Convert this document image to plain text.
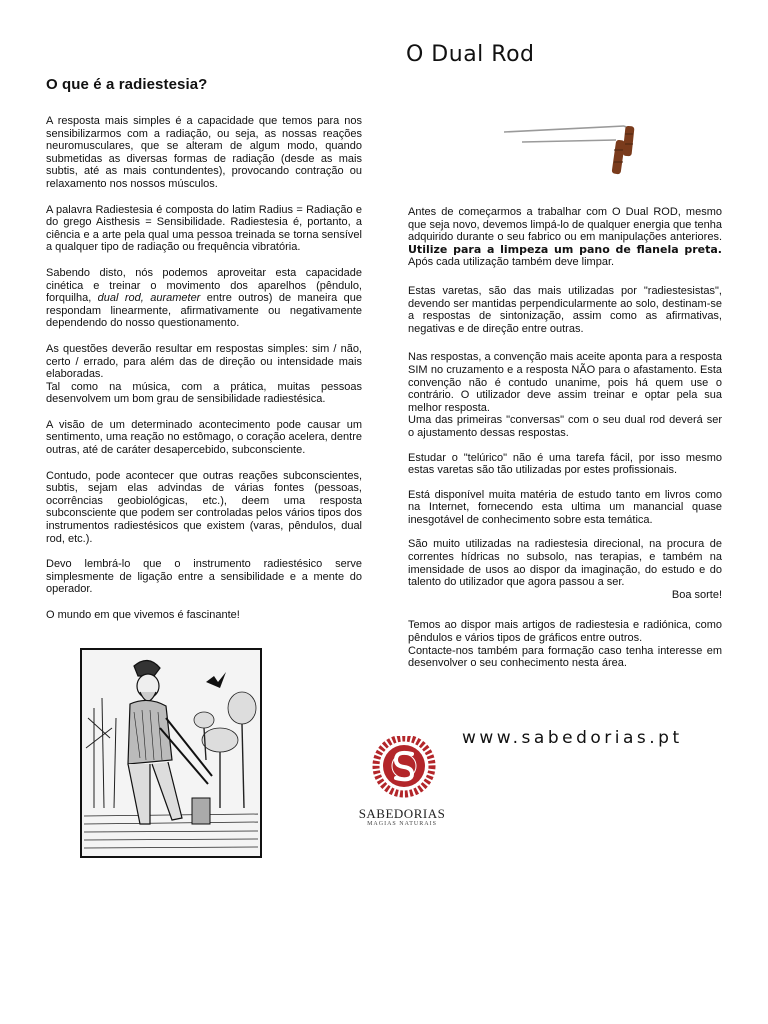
O Dual Rod
O que é a radiestesia?

A resposta mais simples é a capacidade que temos para nos sensibilizarmos com a radiação, ou seja, as nossas reações neuromusculares, que se alteram de algum modo, quando submetidas as diversas formas de radiação (desde as mais subtis, até as mais contundentes), provocando contração ou relaxamento nos nossos músculos.

A palavra Radiestesia é composta do latim Radius = Radiação e do grego Aisthesis = Sensibilidade. Radiestesia é, portanto, a ciência e a arte pela qual uma pessoa treinada se torna sensível a qualquer tipo de radiação ou frequência vibratória.

Sabendo disto, nós podemos aproveitar esta capacidade cinética e treinar o movimento dos aparelhos (pêndulo, forquilha, dual rod, aurameter entre outros) de maneira que respondam linearmente, afirmativamente ou negativamente dependendo do nosso questionamento.

As questões deverão resultar em respostas simples: sim / não, certo / errado, para além das de direção ou intensidade mais elaboradas.

Tal como na música, com a prática, muitas pessoas desenvolvem um bom grau de sensibilidade radiestésica.

A visão de um determinado acontecimento pode causar um sentimento, uma reação no estômago, o coração acelera, dentre outras, até de caráter desapercebido, subconsciente.

Contudo, pode acontecer que outras reações subconscientes, subtis, sejam elas advindas de várias fontes (pessoas, ocorrências geobiológicas, etc.), deem uma resposta subconsciente que podem ser controladas pelos vários tipos dos instrumentos radiestésicos que existem (varas, pêndulos, dual rod, etc.).

Devo lembrá-lo que o instrumento radiestésico serve simplesmente de ligação entre a sensibilidade e a mente do operador.

O mundo em que vivemos é fascinante!

Antes de começarmos a trabalhar com O Dual ROD, mesmo que seja novo, devemos limpá-lo de qualquer energia que tenha adquirido durante o seu fabrico ou em manipulações anteriores. Utilize para a limpeza um pano de flanela preta. Após cada utilização também deve limpar.

Estas varetas, são das mais utilizadas por "radiestesistas", devendo ser mantidas perpendicularmente ao solo, destinam-se a respostas de sintonização, assim como as afirmativas, negativas e de direção entre outras.

Nas respostas, a convenção mais aceite aponta para a resposta SIM no cruzamento e a resposta NÃO para o afastamento. Esta convenção não é contudo unanime, pois há quem use o contrário. O utilizador deve assim treinar e optar pela sua melhor resposta.

Uma das primeiras "conversas" com o seu dual rod deverá ser o ajustamento dessas respostas.

Estudar o "telúrico" não é uma tarefa fácil, por isso mesmo estas varetas são tão utilizadas por estes profissionais.

Está disponível muita matéria de estudo tanto em livros como na Internet, fornecendo esta ultima um manancial quase inesgotável de conhecimento sobre esta temática.

São muito utilizadas na radiestesia direcional, na procura de correntes hídricas no subsolo, nas terapias, e também na imensidade de usos ao dispor da imaginação, do estudo e do talento do utilizador que agora passou a ser.

Boa sorte!

Temos ao dispor mais artigos de radiestesia e radiónica, como pêndulos e vários tipos de gráficos entre outros.

Contacte-nos também para formação caso tenha interesse em desenvolver o seu conhecimento nesta área.

www.sabedorias.pt
SABEDORIAS
MAGIAS NATURAIS
